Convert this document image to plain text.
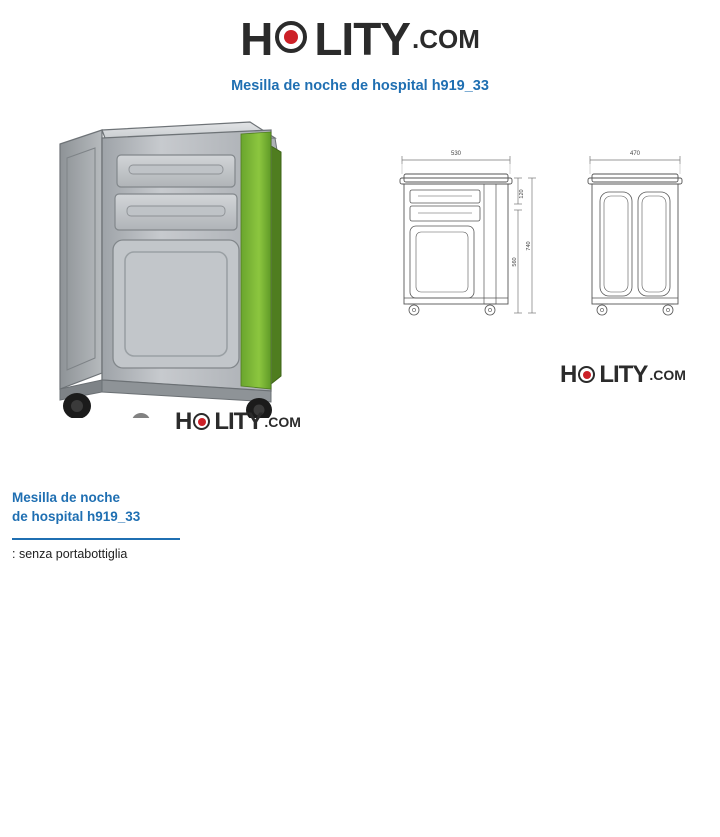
H LITY.COM
Mesilla de noche de hospital h919_33
H LITY .COM
530
120
560
740
470
H LITY .COM
Mesilla de noche
de hospital h919_33
: senza portabottiglia
